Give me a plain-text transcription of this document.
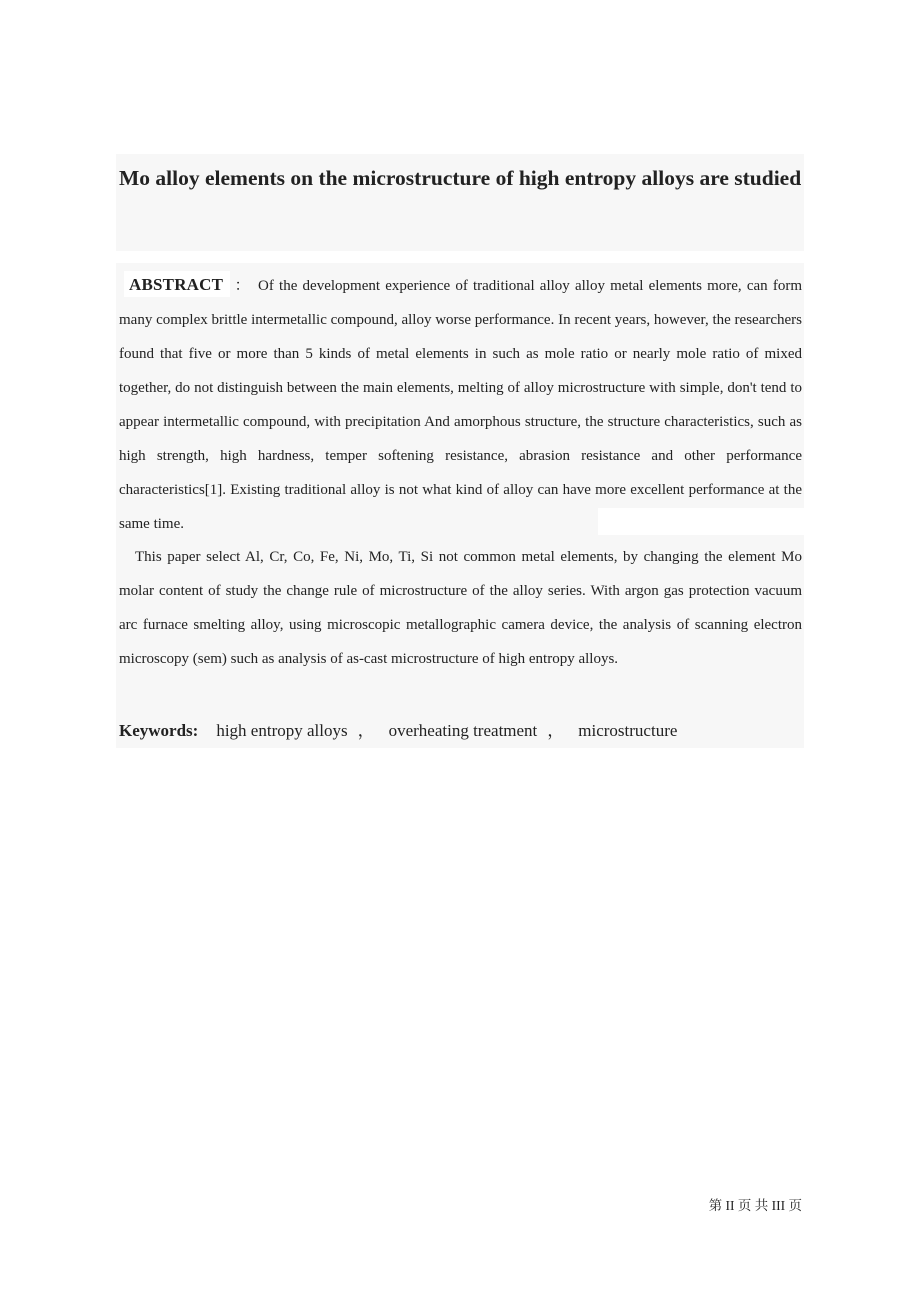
Mo alloy elements on the microstructure of high entropy alloys are studied

ABSTRACT ： Of the development experience of traditional alloy alloy metal elements more, can form many complex brittle intermetallic compound, alloy worse performance. In recent years, however, the researchers found that five or more than 5 kinds of metal elements in such as mole ratio or nearly mole ratio of mixed together, do not distinguish between the main elements, melting of alloy microstructure with simple, don't tend to appear intermetallic compound, with precipitation And amorphous structure, the structure characteristics, such as high strength, high hardness, temper softening resistance, abrasion resistance and other performance characteristics[1]. Existing traditional alloy is not what kind of alloy can have more excellent performance at the same time.

This paper select Al, Cr, Co, Fe, Ni, Mo, Ti, Si not common metal elements, by changing the element Mo molar content of study the change rule of microstructure of the alloy series. With argon gas protection vacuum arc furnace smelting alloy, using microscopic metallographic camera device, the analysis of scanning electron microscopy (sem) such as analysis of as-cast microstructure of high entropy alloys.

Keywords: high entropy alloys ， overheating treatment ， microstructure

第 II 页 共 III 页
